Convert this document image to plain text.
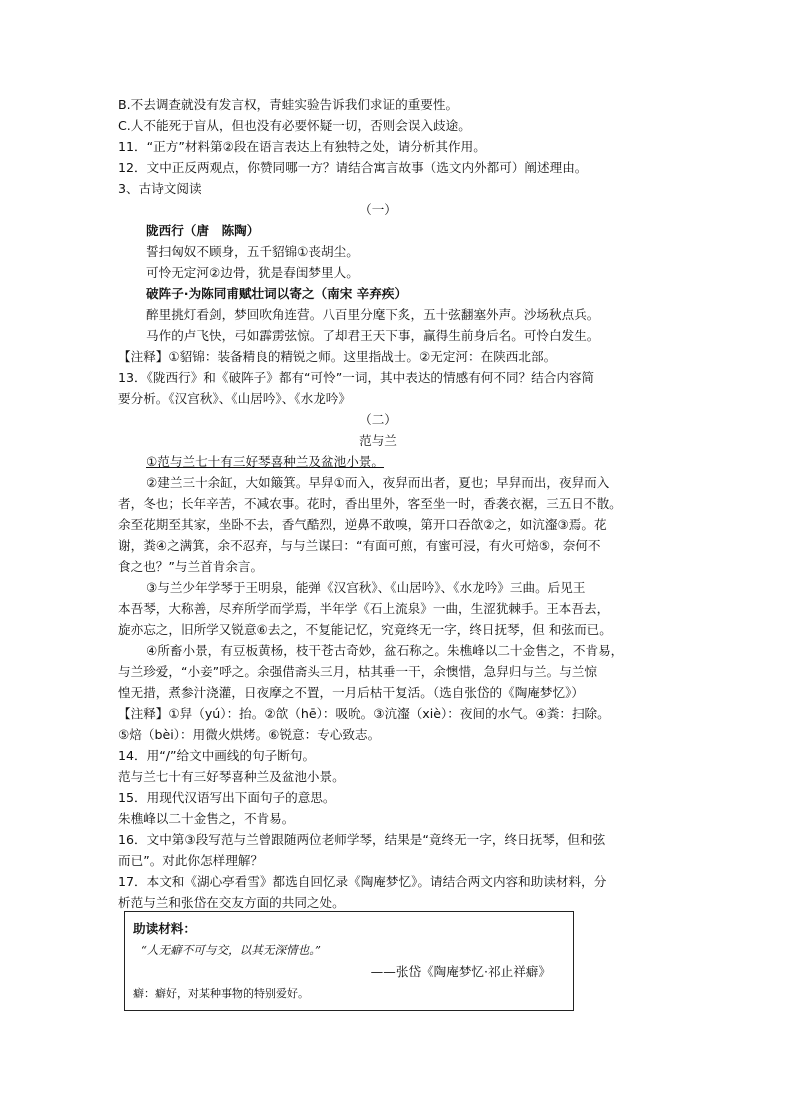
B.不去调查就没有发言权，青蛙实验告诉我们求证的重要性。
C.人不能死于盲从，但也没有必要怀疑一切，否则会误入歧途。
11．“正方”材料第②段在语言表达上有独特之处，请分析其作用。
12．文中正反两观点，你赞同哪一方？请结合寓言故事（选文内外都可）阐述理由。
3、古诗文阅读
（一）
陇西行（唐　陈陶）
誓扫匈奴不顾身，五千貂锦①丧胡尘。
可怜无定河②边骨，犹是春闺梦里人。
破阵子·为陈同甫赋壮词以寄之（南宋 辛弃疾）
醉里挑灯看剑，梦回吹角连营。八百里分麾下炙，五十弦翻塞外声。沙场秋点兵。
马作的卢飞快，弓如霹雳弦惊。了却君王天下事，赢得生前身后名。可怜白发生。
【注释】①貂锦：装备精良的精锐之师。这里指战士。②无定河：在陕西北部。
13．《陇西行》和《破阵子》都有“可怜”一词，其中表达的情感有何不同？结合内容简
要分析。《汉宫秋》、《山居吟》、《水龙吟》
（二）
范与兰
①范与兰七十有三好琴喜种兰及盆池小景。
②建兰三十余缸，大如簸箕。早舁①而入，夜舁而出者，夏也；早舁而出，夜舁而入
者，冬也；长年辛苦，不减农事。花时，香出里外，客至坐一时，香袭衣裾，三五日不散。
余至花期至其家，坐卧不去，香气酷烈，逆鼻不敢嗅，第开口吞欱②之，如沆瀣③焉。花
谢，粪④之满箕，余不忍弃，与与兰谋曰：“有面可煎，有蜜可浸，有火可焙⑤，奈何不
食之也？”与兰首肯余言。
③与兰少年学琴于王明泉，能弹《汉宫秋》、《山居吟》、《水龙吟》三曲。后见王
本吾琴，大称善，尽弃所学而学焉，半年学《石上流泉》一曲，生涩犹棘手。王本吾去，
旋亦忘之，旧所学又锐意⑥去之，不复能记忆，究竟终无一字，终日抚琴，但 和弦而已。
④所畜小景，有豆板黄杨，枝干苍古奇妙，盆石称之。朱樵峰以二十金售之，不肯易，
与兰珍爱，“小妾”呼之。余强借斋头三月，枯其垂一干，余懊惜，急舁归与兰。与兰惊
惶无措，煮参汁浇灌，日夜摩之不置，一月后枯干复活。（选自张岱的《陶庵梦忆》）
【注释】①舁（yú）：抬。②欱（hē）：吸吮。③沆瀣（xiè）：夜间的水气。④粪：扫除。
⑤焙（bèi）：用微火烘烤。⑥锐意：专心致志。
14．用“/”给文中画线的句子断句。
范与兰七十有三好琴喜种兰及盆池小景。
15．用现代汉语写出下面句子的意思。
朱樵峰以二十金售之，不肯易。
16．文中第③段写范与兰曾跟随两位老师学琴，结果是“竟终无一字，终日抚琴，但和弦
而已”。对此你怎样理解？
17．本文和《湖心亭看雪》都选自回忆录《陶庵梦忆》。请结合两文内容和助读材料，分
析范与兰和张岱在交友方面的共同之处。
助读材料：
“人无癖不可与交，以其无深情也。”
——张岱《陶庵梦忆·祁止祥癖》
癖：癖好，对某种事物的特别爱好。
